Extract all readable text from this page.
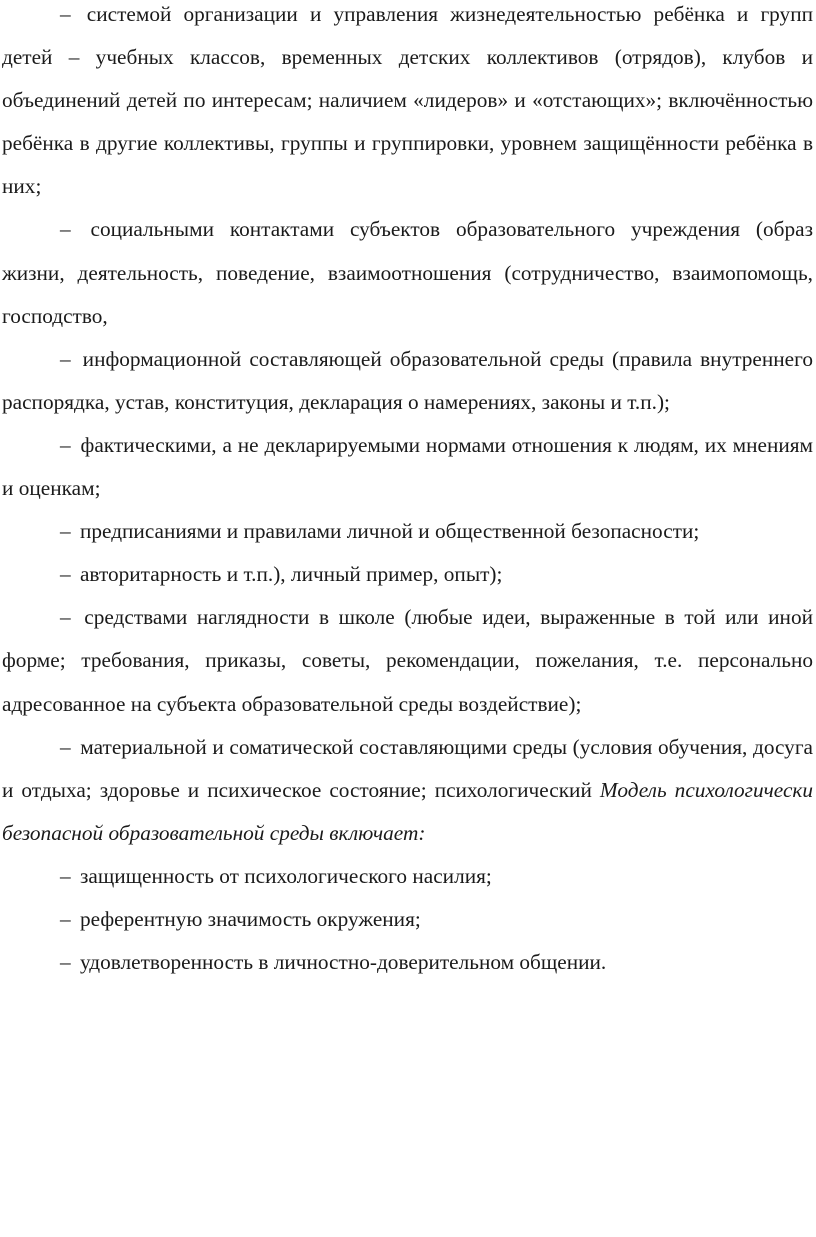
– системой организации и управления жизнедеятельностью ребёнка и групп детей – учебных классов, временных детских коллективов (отрядов), клубов и объединений детей по интересам; наличием «лидеров» и «отстающих»; включённостью ребёнка в другие коллективы, группы и группировки, уровнем защищённости ребёнка в них;

– социальными контактами субъектов образовательного учреждения (образ жизни, деятельность, поведение, взаимоотношения (сотрудничество, взаимопомощь, господство,

– информационной составляющей образовательной среды (правила внутреннего распорядка, устав, конституция, декларация о намерениях, законы и т.п.);

– фактическими, а не декларируемыми нормами отношения к людям, их мнениям и оценкам;

– предписаниями и правилами личной и общественной безопасности;

– авторитарность и т.п.), личный пример, опыт);

– средствами наглядности в школе (любые идеи, выраженные в той или иной форме; требования, приказы, советы, рекомендации, пожелания, т.е. персонально адресованное на субъекта образовательной среды воздействие);

– материальной и соматической составляющими среды (условия обучения, досуга и отдыха; здоровье и психическое состояние; психологический Модель психологически безопасной образовательной среды включает:

– защищенность от психологического насилия;

– референтную значимость окружения;

– удовлетворенность в личностно-доверительном общении.
